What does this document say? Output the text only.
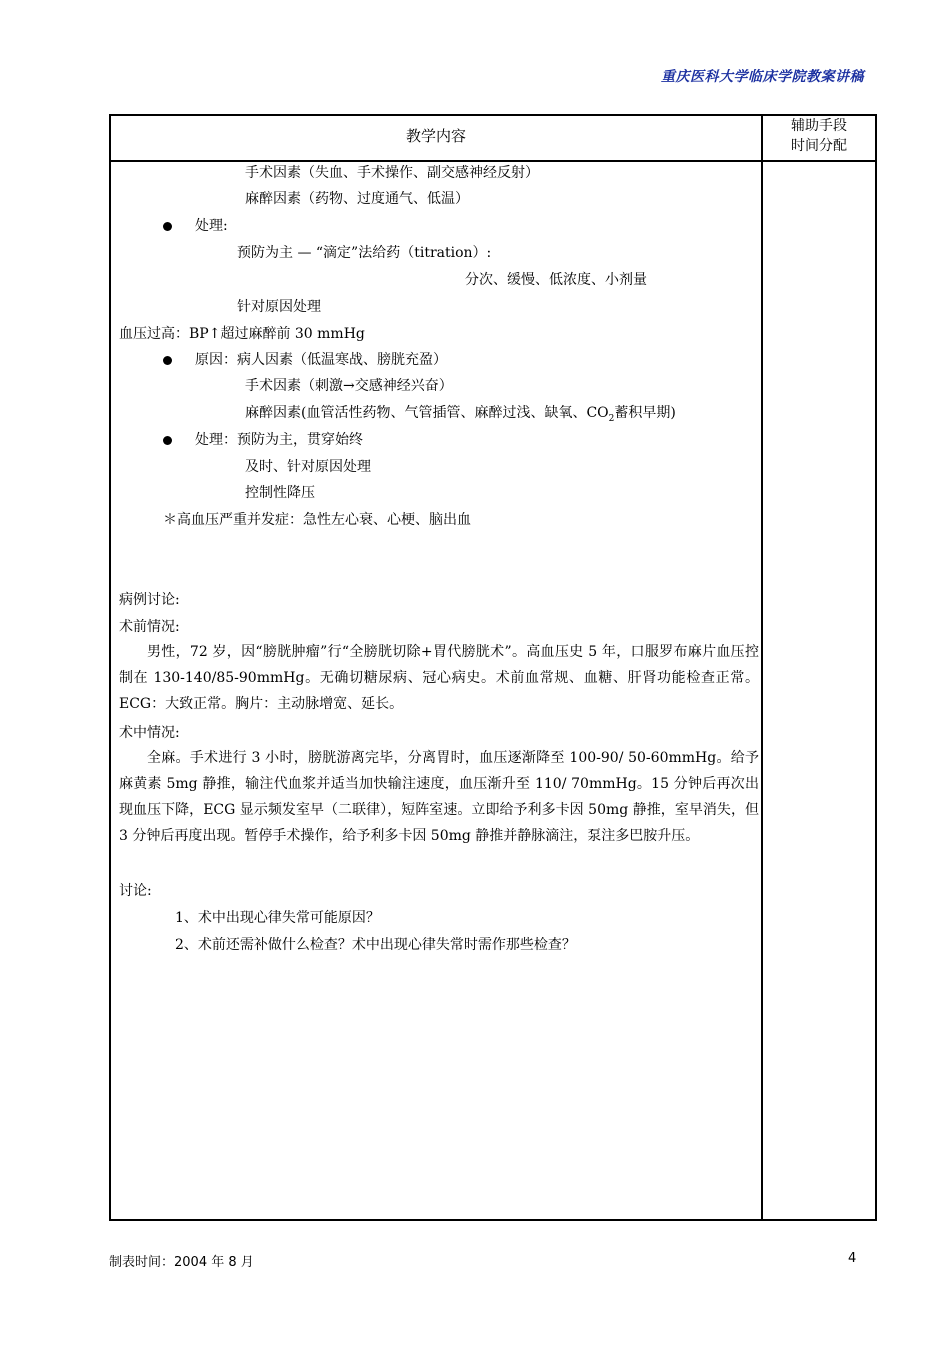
重庆医科大学临床学院教案讲稿
教学内容
辅助手段
时间分配
手术因素（失血、手术操作、副交感神经反射）
麻醉因素（药物、过度通气、低温）
处理:
预防为主 — “滴定”法给药（titration）:
分次、缓慢、低浓度、小剂量
针对原因处理
血压过高：BP↑超过麻醉前 30 mmHg
原因：病人因素（低温寒战、膀胱充盈）
手术因素（刺激→交感神经兴奋）
麻醉因素(血管活性药物、气管插管、麻醉过浅、缺氧、$CO_2$蓄积早期)
处理：预防为主，贯穿始终
及时、针对原因处理
控制性降压
＊高血压严重并发症：急性左心衰、心梗、脑出血
病例讨论:
术前情况:
男性，72 岁，因“膀胱肿瘤”行“全膀胱切除+胃代膀胱术”。高血压史 5 年，口服罗布麻片血压控制在 130-140/85-90mmHg。无确切糖尿病、冠心病史。术前血常规、血糖、肝肾功能检查正常。ECG：大致正常。胸片：主动脉增宽、延长。
术中情况:
全麻。手术进行 3 小时，膀胱游离完毕，分离胃时，血压逐渐降至 100-90/ 50-60mmHg。给予麻黄素 5mg 静推，输注代血浆并适当加快输注速度，血压渐升至 110/ 70mmHg。15 分钟后再次出现血压下降，ECG 显示频发室早（二联律），短阵室速。立即给予利多卡因 50mg 静推，室早消失，但 3 分钟后再度出现。暂停手术操作，给予利多卡因 50mg 静推并静脉滴注，泵注多巴胺升压。
讨论:
1、术中出现心律失常可能原因？
2、术前还需补做什么检查？术中出现心律失常时需作那些检查？
制表时间：2004 年 8 月	4
